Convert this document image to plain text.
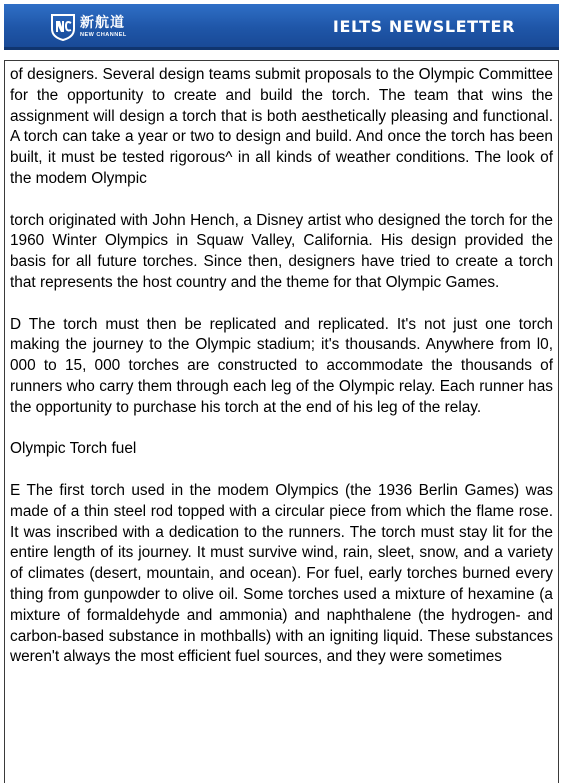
新航道
NEW CHANNEL	IELTS NEWSLETTER

of designers. Several design teams submit proposals to the Olympic Committee for the opportunity to create and build the torch. The team that wins the assignment will design a torch that is both aesthetically pleasing and functional. A torch can take a year or two to design and build. And once the torch has been built, it must be tested rigorous^ in all kinds of weather conditions. The look of the modem Olympic

torch originated with John Hench, a Disney artist who designed the torch for the 1960 Winter Olympics in Squaw Valley, California. His design provided the basis for all future torches. Since then, designers have tried to create a torch that represents the host country and the theme for that Olympic Games.

D The torch must then be replicated and replicated. It's not just one torch making the journey to the Olympic stadium; it's thousands. Anywhere from l0, 000 to 15, 000 torches are constructed to accommodate the thousands of runners who carry them through each leg of the Olympic relay. Each runner has the opportunity to purchase his torch at the end of his leg of the relay.

Olympic Torch fuel

E The first torch used in the modem Olympics (the 1936 Berlin Games) was made of a thin steel rod topped with a circular piece from which the flame rose. It was inscribed with a dedication to the runners. The torch must stay lit for the entire length of its journey. It must survive wind, rain, sleet, snow, and a variety of climates (desert, mountain, and ocean). For fuel, early torches burned every thing from gunpowder to olive oil. Some torches used a mixture of hexamine (a mixture of formaldehyde and ammonia) and naphthalene (the hydrogen- and carbon-based substance in mothballs) with an igniting liquid. These substances weren't always the most efficient fuel sources, and they were sometimes
